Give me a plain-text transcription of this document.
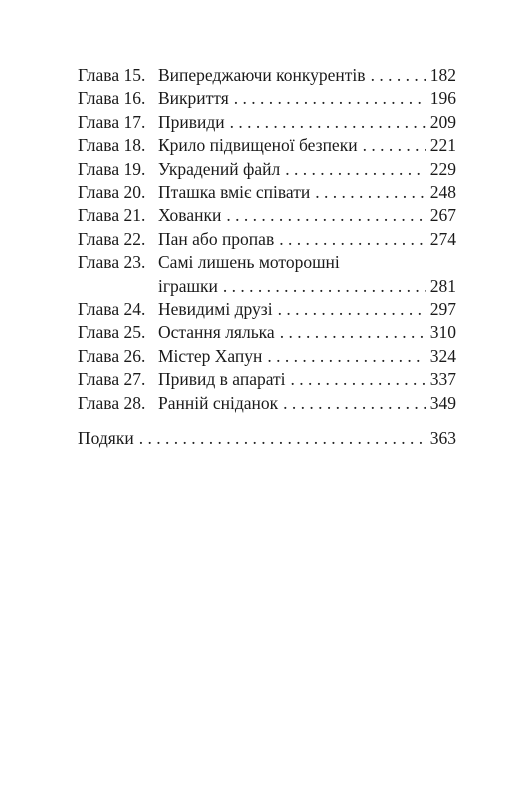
Глава 15. Випереджаючи конкурентів . . .	182
Глава 16. Викриття . . .	196
Глава 17. Привиди . . .	209
Глава 18. Крило підвищеної безпеки . . .	221
Глава 19. Украдений файл . . .	229
Глава 20. Пташка вміє співати . . .	248
Глава 21. Хованки . . .	267
Глава 22. Пан або пропав . . .	274
Глава 23. Самі лишень моторошні
іграшки . . .	281
Глава 24. Невидимі друзі . . .	297
Глава 25. Остання лялька . . .	310
Глава 26. Містер Хапун . . .	324
Глава 27. Привид в апараті . . .	337
Глава 28. Ранній сніданок . . .	349
Подяки . . .	363
